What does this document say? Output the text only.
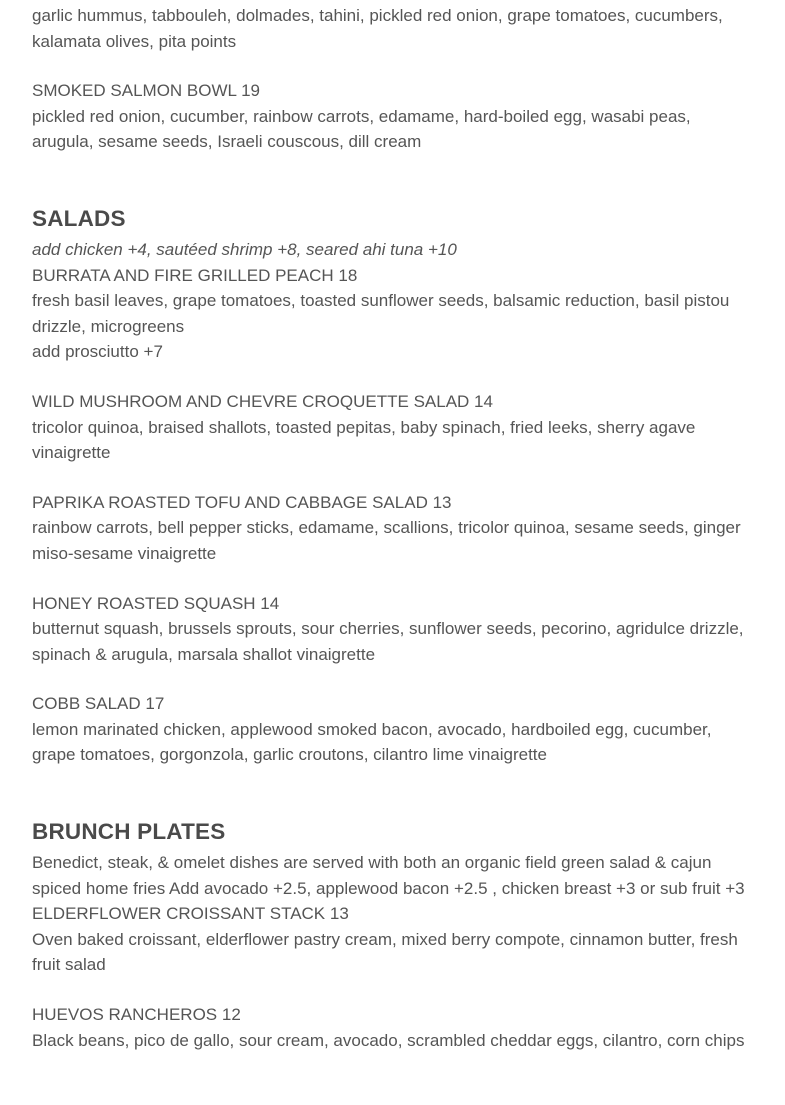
garlic hummus, tabbouleh, dolmades, tahini, pickled red onion, grape tomatoes, cucumbers, kalamata olives, pita points
SMOKED SALMON BOWL 19
pickled red onion, cucumber, rainbow carrots, edamame, hard-boiled egg, wasabi peas, arugula, sesame seeds, Israeli couscous, dill cream
SALADS
add chicken +4, sautéed shrimp +8, seared ahi tuna +10
BURRATA AND FIRE GRILLED PEACH 18
fresh basil leaves, grape tomatoes, toasted sunflower seeds, balsamic reduction, basil pistou drizzle, microgreens
add prosciutto +7
WILD MUSHROOM AND CHEVRE CROQUETTE SALAD 14
tricolor quinoa, braised shallots, toasted pepitas, baby spinach, fried leeks, sherry agave vinaigrette
PAPRIKA ROASTED TOFU AND CABBAGE SALAD 13
rainbow carrots, bell pepper sticks, edamame, scallions, tricolor quinoa, sesame seeds, ginger miso-sesame vinaigrette
HONEY ROASTED SQUASH 14
butternut squash, brussels sprouts, sour cherries, sunflower seeds, pecorino, agridulce drizzle, spinach & arugula, marsala shallot vinaigrette
COBB SALAD 17
lemon marinated chicken, applewood smoked bacon, avocado, hardboiled egg, cucumber, grape tomatoes, gorgonzola, garlic croutons, cilantro lime vinaigrette
BRUNCH PLATES
Benedict, steak, & omelet dishes are served with both an organic field green salad & cajun spiced home fries Add avocado +2.5, applewood bacon +2.5 , chicken breast +3 or sub fruit +3
ELDERFLOWER CROISSANT STACK 13
Oven baked croissant, elderflower pastry cream, mixed berry compote, cinnamon butter, fresh fruit salad
HUEVOS RANCHEROS 12
Black beans, pico de gallo, sour cream, avocado, scrambled cheddar eggs, cilantro, corn chips
